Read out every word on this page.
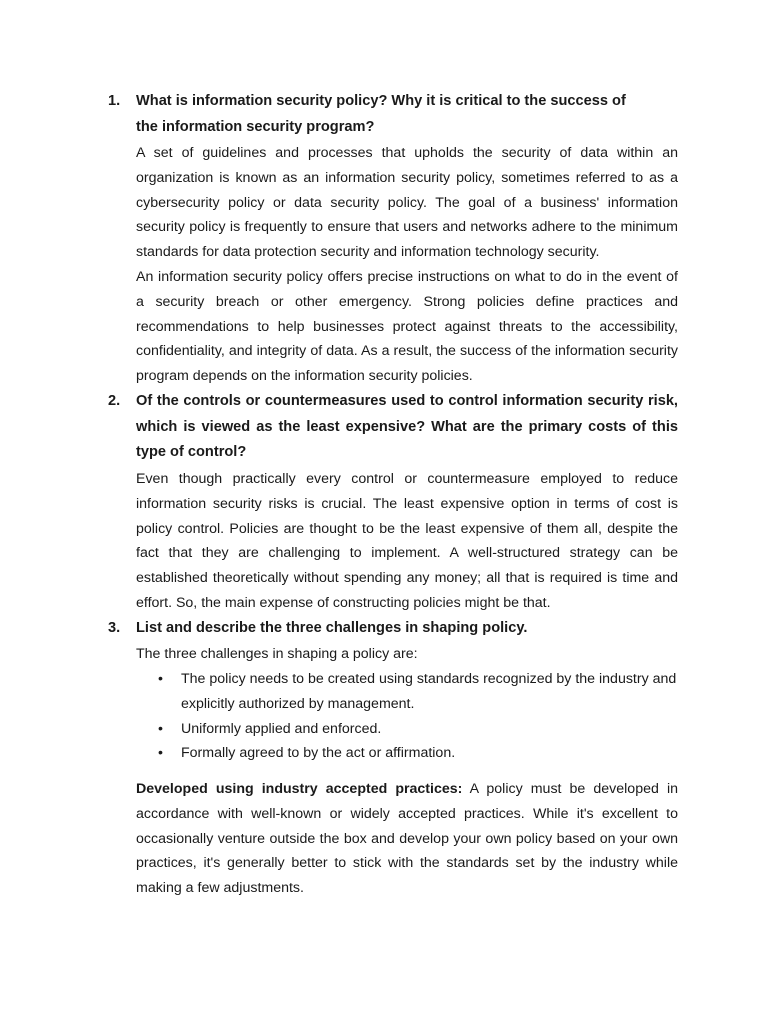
1. What is information security policy? Why it is critical to the success of the information security program?

A set of guidelines and processes that upholds the security of data within an organization is known as an information security policy, sometimes referred to as a cybersecurity policy or data security policy. The goal of a business' information security policy is frequently to ensure that users and networks adhere to the minimum standards for data protection security and information technology security.

An information security policy offers precise instructions on what to do in the event of a security breach or other emergency. Strong policies define practices and recommendations to help businesses protect against threats to the accessibility, confidentiality, and integrity of data. As a result, the success of the information security program depends on the information security policies.

2. Of the controls or countermeasures used to control information security risk, which is viewed as the least expensive? What are the primary costs of this type of control?

Even though practically every control or countermeasure employed to reduce information security risks is crucial. The least expensive option in terms of cost is policy control. Policies are thought to be the least expensive of them all, despite the fact that they are challenging to implement. A well-structured strategy can be established theoretically without spending any money; all that is required is time and effort. So, the main expense of constructing policies might be that.

3. List and describe the three challenges in shaping policy.

The three challenges in shaping a policy are:

• The policy needs to be created using standards recognized by the industry and explicitly authorized by management.
• Uniformly applied and enforced.
• Formally agreed to by the act or affirmation.

Developed using industry accepted practices: A policy must be developed in accordance with well-known or widely accepted practices. While it's excellent to occasionally venture outside the box and develop your own policy based on your own practices, it's generally better to stick with the standards set by the industry while making a few adjustments.
